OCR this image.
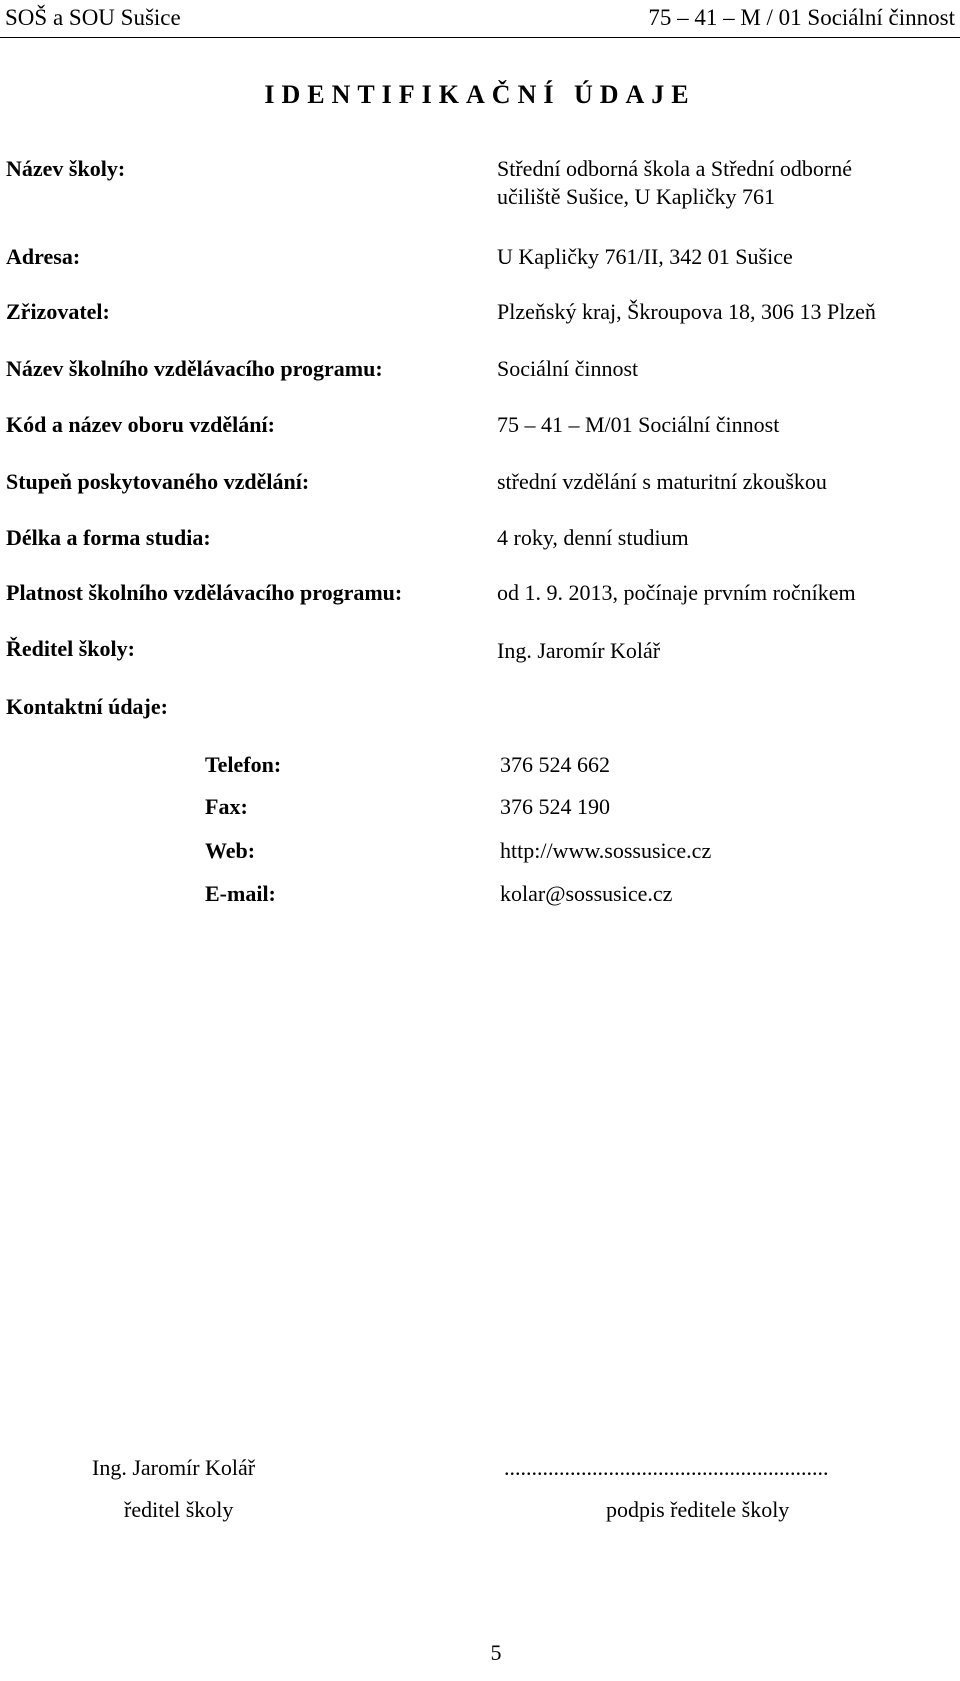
SOŠ a SOU Sušice	75 – 41 – M / 01 Sociální činnost
IDENTIFIKAČNÍ ÚDAJE
Název školy:	Střední odborná škola a Střední odborné
učiliště Sušice, U Kapličky 761
Adresa:	U Kapličky 761/II, 342 01 Sušice
Zřizovatel:	Plzeňský kraj, Škroupova 18, 306 13 Plzeň
Název školního vzdělávacího programu:	Sociální činnost
Kód a název oboru vzdělání:	75 – 41 – M/01 Sociální činnost
Stupeň poskytovaného vzdělání:	střední vzdělání s maturitní zkouškou
Délka a forma studia:	4 roky, denní studium
Platnost školního vzdělávacího programu:	od 1. 9. 2013, počínaje prvním ročníkem
Ředitel školy:	Ing. Jaromír Kolář
Kontaktní údaje:
Telefon:	376 524 662
Fax:	376 524 190
Web:	http://www.sossusice.cz
E-mail:	kolar@sossusice.cz
Ing. Jaromír Kolář	...........................................................
ředitel školy	podpis ředitele školy
5
